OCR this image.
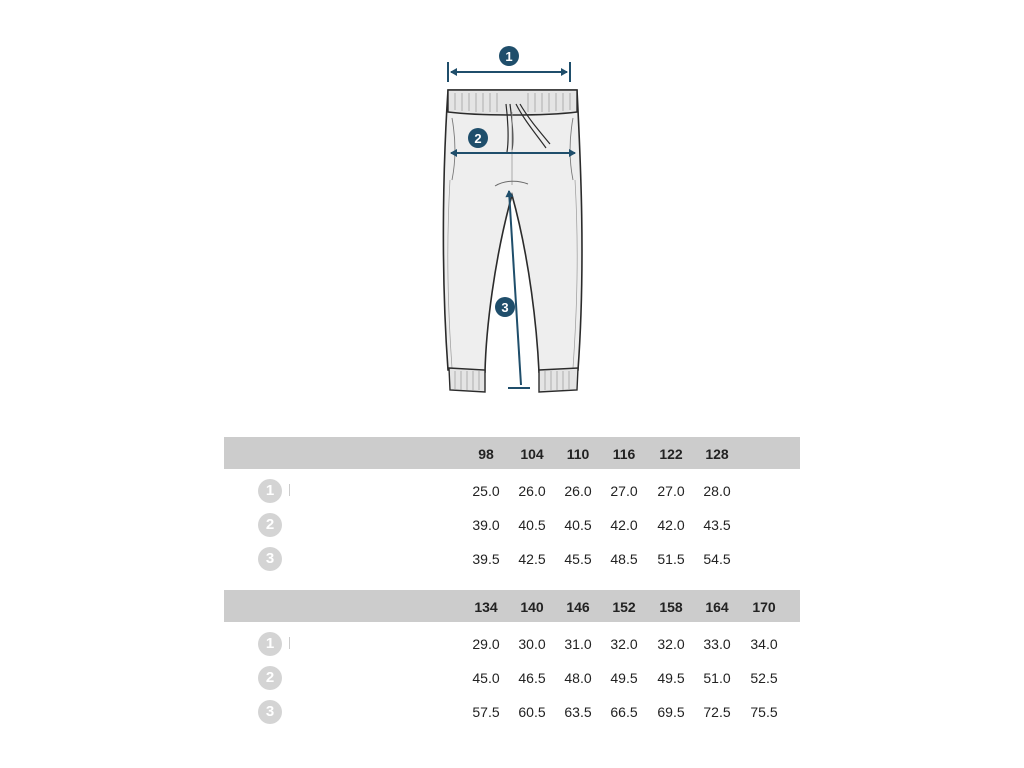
1
2
3
98	104	110	116	122	128
1	25.0	26.0	26.0	27.0	27.0	28.0
2	39.0	40.5	40.5	42.0	42.0	43.5
3	39.5	42.5	45.5	48.5	51.5	54.5
134	140	146	152	158	164	170
1	29.0	30.0	31.0	32.0	32.0	33.0	34.0
2	45.0	46.5	48.0	49.5	49.5	51.0	52.5
3	57.5	60.5	63.5	66.5	69.5	72.5	75.5
